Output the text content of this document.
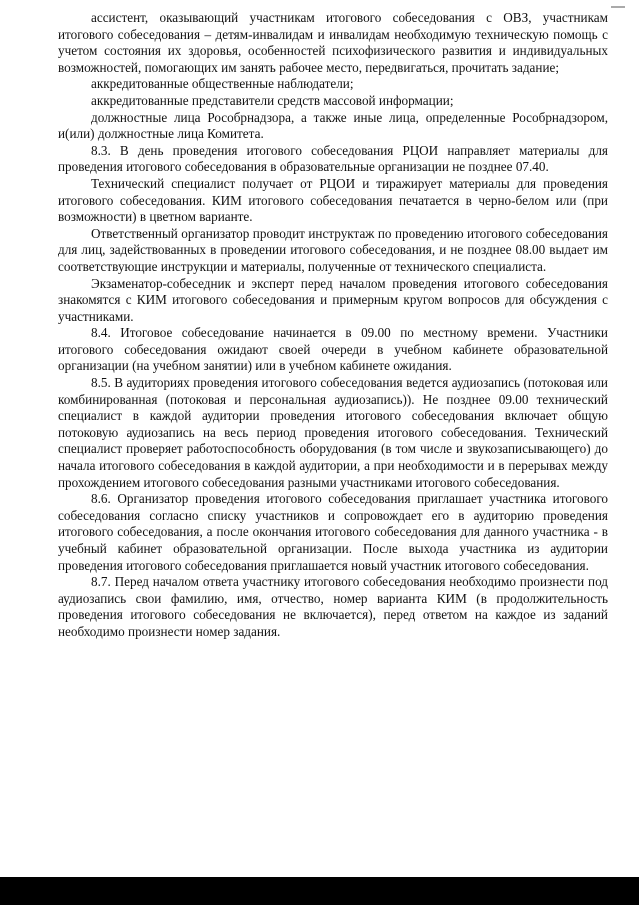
ассистент, оказывающий участникам итогового собеседования с ОВЗ, участникам итогового собеседования – детям-инвалидам и инвалидам необходимую техническую помощь с учетом состояния их здоровья, особенностей психофизического развития и индивидуальных возможностей, помогающих им занять рабочее место, передвигаться, прочитать задание;

аккредитованные общественные наблюдатели;

аккредитованные представители средств массовой информации;

должностные лица Рособрнадзора, а также иные лица, определенные Рособрнадзором, и(или) должностные лица Комитета.

8.3. В день проведения итогового собеседования РЦОИ направляет материалы для проведения итогового собеседования в образовательные организации не позднее 07.40.

Технический специалист получает от РЦОИ и тиражирует материалы для проведения итогового собеседования. КИМ итогового собеседования печатается в черно-белом или (при возможности) в цветном варианте.

Ответственный организатор проводит инструктаж по проведению итогового собеседования для лиц, задействованных в проведении итогового собеседования, и не позднее 08.00 выдает им соответствующие инструкции и материалы, полученные от технического специалиста.

Экзаменатор-собеседник и эксперт перед началом проведения итогового собеседования знакомятся с КИМ итогового собеседования и примерным кругом вопросов для обсуждения с участниками.

8.4. Итоговое собеседование начинается в 09.00 по местному времени. Участники итогового собеседования ожидают своей очереди в учебном кабинете образовательной организации (на учебном занятии) или в учебном кабинете ожидания.

8.5. В аудиториях проведения итогового собеседования ведется аудиозапись (потоковая или комбинированная (потоковая и персональная аудиозапись)). Не позднее 09.00 технический специалист в каждой аудитории проведения итогового собеседования включает общую потоковую аудиозапись на весь период проведения итогового собеседования. Технический специалист проверяет работоспособность оборудования (в том числе и звукозаписывающего) до начала итогового собеседования в каждой аудитории, а при необходимости и в перерывах между прохождением итогового собеседования разными участниками итогового собеседования.

8.6. Организатор проведения итогового собеседования приглашает участника итогового собеседования согласно списку участников и сопровождает его в аудиторию проведения итогового собеседования, а после окончания итогового собеседования для данного участника - в учебный кабинет образовательной организации. После выхода участника из аудитории проведения итогового собеседования приглашается новый участник итогового собеседования.

8.7. Перед началом ответа участнику итогового собеседования необходимо произнести под аудиозапись свои фамилию, имя, отчество, номер варианта КИМ (в продолжительность проведения итогового собеседования не включается), перед ответом на каждое из заданий необходимо произнести номер задания.
